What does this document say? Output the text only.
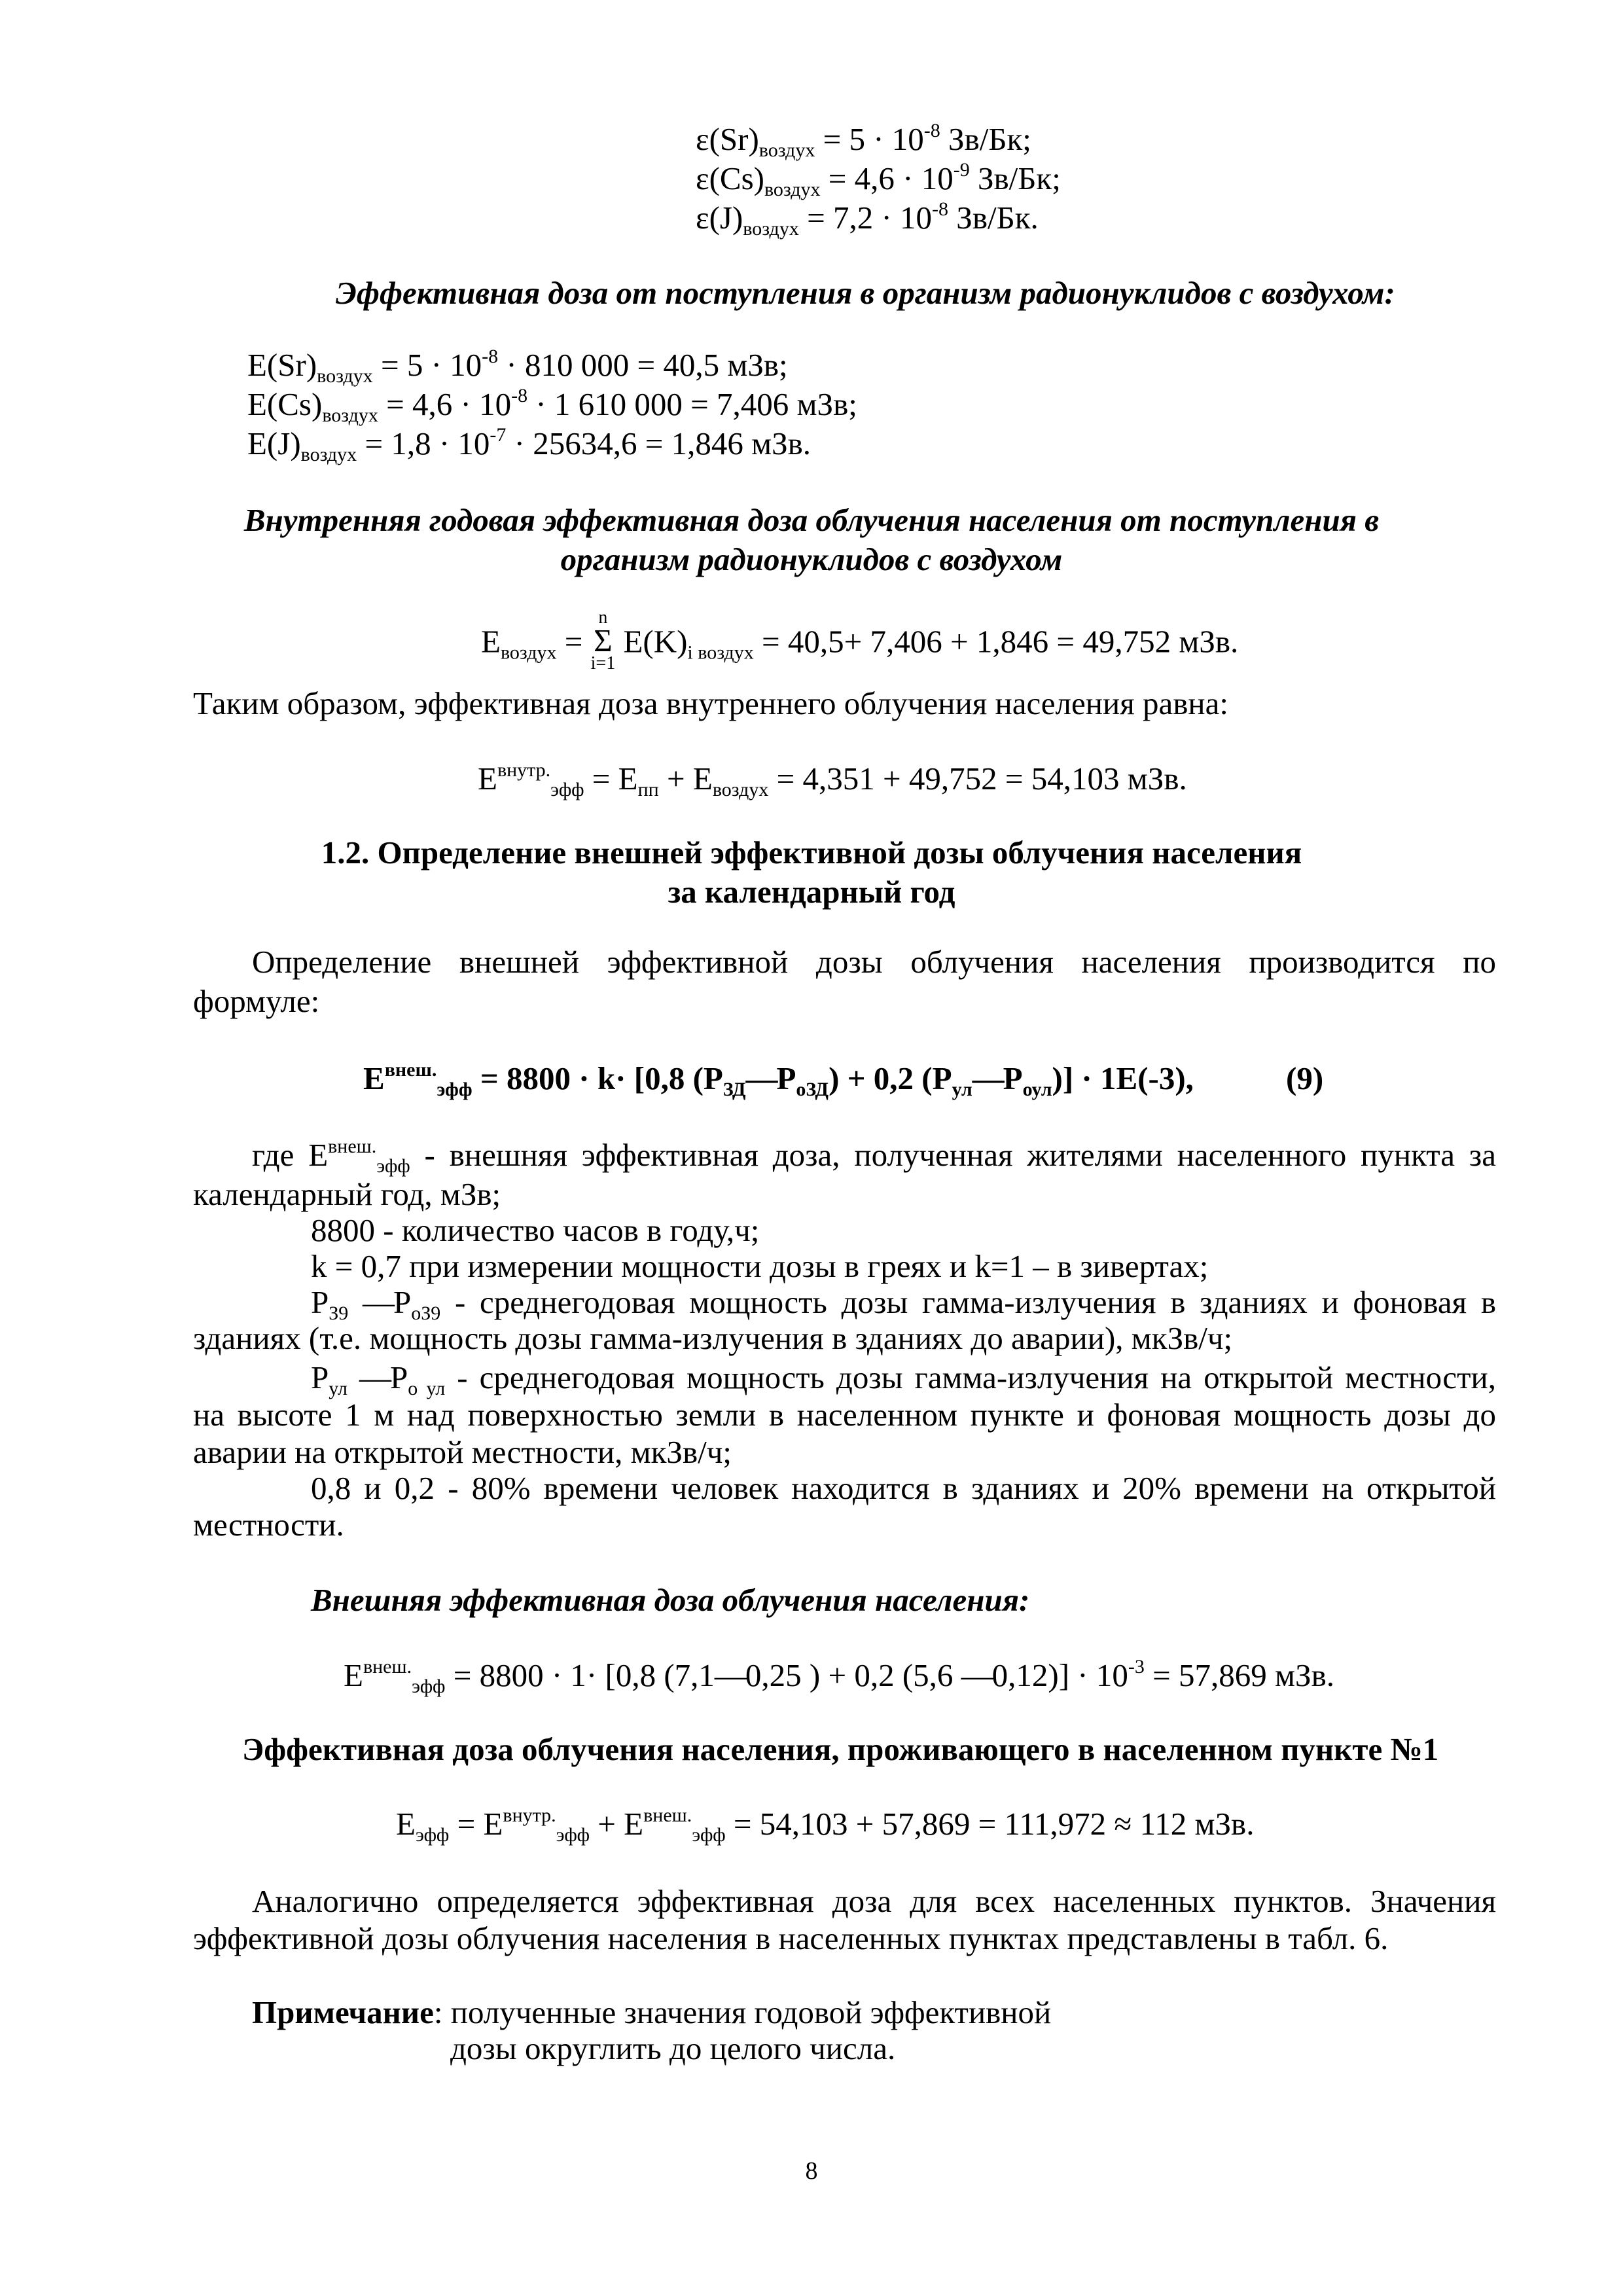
$\varepsilon(Sr)_{воздух} = 5 \cdot 10^{-8}$ Зв/Бк;
$\varepsilon(Cs)_{воздух} = 4,6 \cdot 10^{-9}$ Зв/Бк;
$\varepsilon(J)_{воздух} = 7,2 \cdot 10^{-8}$ Зв/Бк.
Эффективная доза от поступления в организм радионуклидов с воздухом:
$E(Sr)_{воздух} = 5 \cdot 10^{-8} \cdot 810$ 000 = 40,5 мЗв;
$E(Cs)_{воздух} = 4,6 \cdot 10^{-8} \cdot 1$ 610 000 = 7,406 мЗв;
$E(J)_{воздух} = 1,8 \cdot 10^{-7} \cdot 25634,6 = 1,846$ мЗв.
Внутренняя годовая эффективная доза облучения населения от поступления в
организм радионуклидов с воздухом
$E_{воздух}$ =
n
Σ
i=1
$E(K)_{i воздух} = 40,5+ 7,406 + 1,846 = 49,752$ мЗв.
Таким образом, эффективная доза внутреннего облучения населения равна:
$E^{внутр.}_{эфф} = E_{пп} + E_{воздух} = 4,351 + 49,752 = 54,103$ мЗв.
1.2. Определение внешней эффективной дозы облучения населения
за календарный год
Определение внешней эффективной дозы облучения населения производится по
формуле:
$E^{внеш.}_{эфф} = 8800 \cdot k\cdot [0,8$ $(P_{ЗД}—P_{оЗД}) + 0,2$ $(P_{ул}—P_{оул})] \cdot 1E(-3)$,	(9)
где $E^{внеш.}_{эфф}$ - внешняя эффективная доза, полученная жителями населенного пункта за
календарный год, мЗв;
8800 - количество часов в году,ч;
k = 0,7 при измерении мощности дозы в греях и k=1 – в зивертах;
$P_{З9}$ $—P_{оЗ9}$ - среднегодовая мощность дозы гамма-излучения в зданиях и фоновая в
зданиях (т.е. мощность дозы гамма-излучения в зданиях до аварии), мкЗв/ч;
$P_{ул}$ $—P_{о ул}$ - среднегодовая мощность дозы гамма-излучения на открытой местности,
на высоте 1 м над поверхностью земли в населенном пункте и фоновая мощность дозы до
аварии на открытой местности, мкЗв/ч;
0,8 и 0,2 - 80% времени человек находится в зданиях и 20% времени на открытой
местности.
Внешняя эффективная доза облучения населения:
$E^{внеш.}_{эфф} = 8800 \cdot 1\cdot [0,8$ (7,1—0,25 ) + 0,2 (5,6 —0,12)] · $10^{-3} = 57,869$ мЗв.
Эффективная доза облучения населения, проживающего в населенном пункте №1
$E_{эфф} = E^{внутр.}_{эфф} + E^{внеш.}_{эфф} = 54,103 + 57,869 = 111,972 \approx 112$ мЗв.
Аналогично определяется эффективная доза для всех населенных пунктов. Значения
эффективной дозы облучения населения в населенных пунктах представлены в табл. 6.
Примечание: полученные значения годовой эффективной
дозы округлить до целого числа.
8
